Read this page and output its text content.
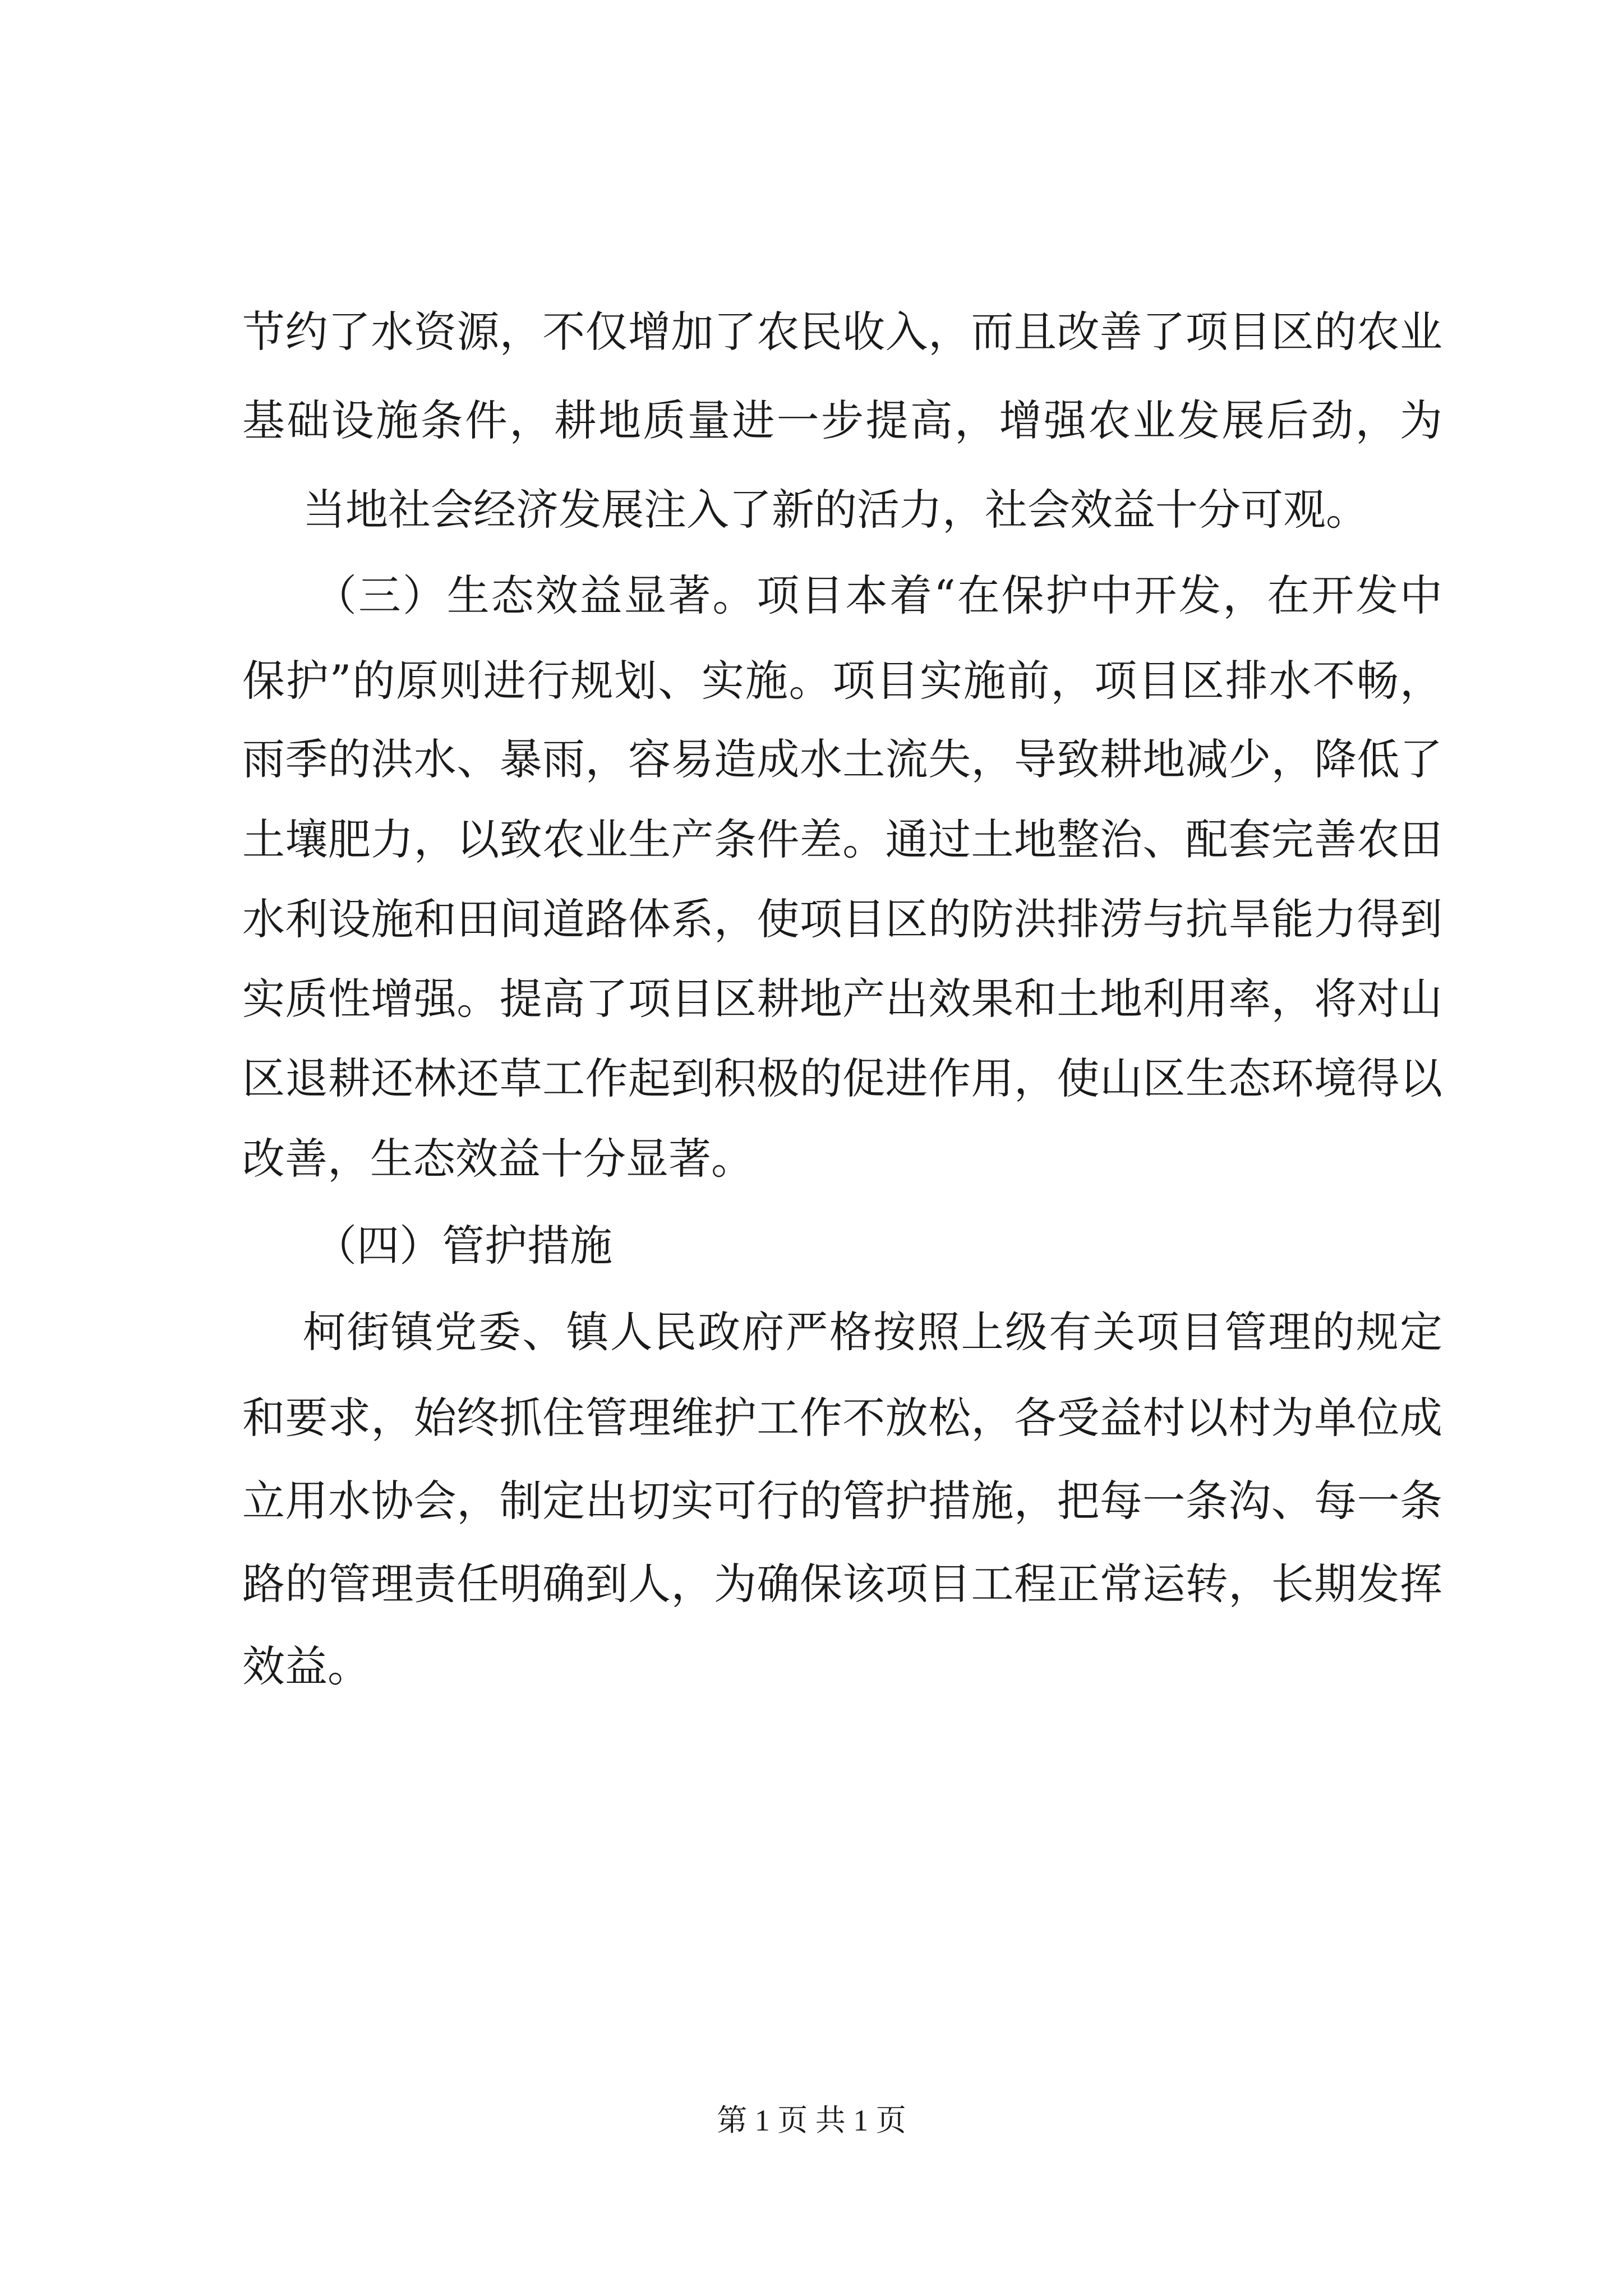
节约了水资源，不仅增加了农民收入，而且改善了项目区的农业
基础设施条件，耕地质量进一步提高，增强农业发展后劲，为
当地社会经济发展注入了新的活力，社会效益十分可观。
（三）生态效益显著。项目本着“在保护中开发，在开发中
保护”的原则进行规划、实施。项目实施前，项目区排水不畅，
雨季的洪水、暴雨，容易造成水土流失，导致耕地减少，降低了
土壤肥力，以致农业生产条件差。通过土地整治、配套完善农田
水利设施和田间道路体系，使项目区的防洪排涝与抗旱能力得到
实质性增强。提高了项目区耕地产出效果和土地利用率，将对山
区退耕还林还草工作起到积极的促进作用，使山区生态环境得以
改善，生态效益十分显著。
（四）管护措施
柯街镇党委、镇人民政府严格按照上级有关项目管理的规定
和要求，始终抓住管理维护工作不放松，各受益村以村为单位成
立用水协会，制定出切实可行的管护措施，把每一条沟、每一条
路的管理责任明确到人，为确保该项目工程正常运转，长期发挥
效益。
第 1 页 共 1 页
